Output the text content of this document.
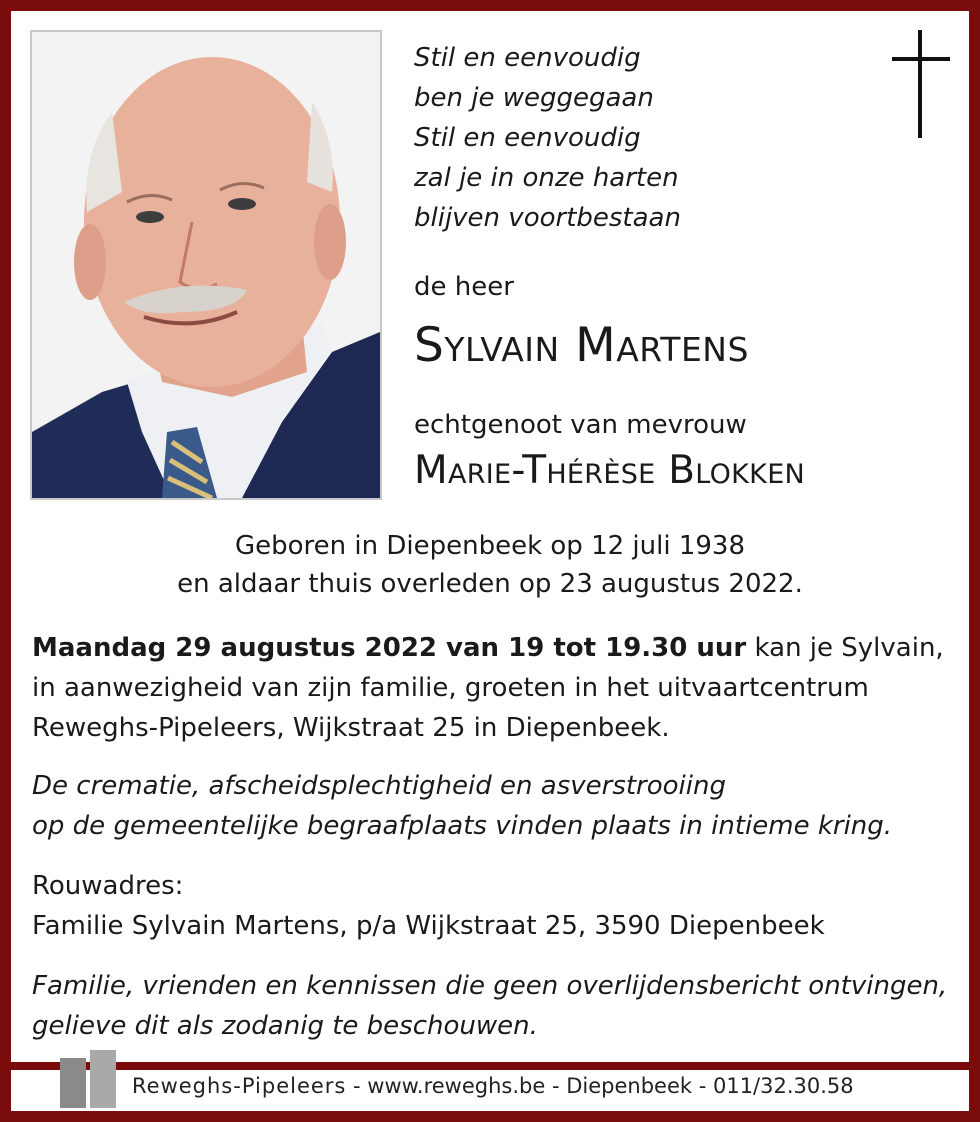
Stil en eenvoudig
ben je weggegaan
Stil en eenvoudig
zal je in onze harten
blijven voortbestaan
de heer
Sylvain Martens
echtgenoot van mevrouw
Marie-Thérèse Blokken
Geboren in Diepenbeek op 12 juli 1938
en aldaar thuis overleden op 23 augustus 2022.
Maandag 29 augustus 2022 van 19 tot 19.30 uur kan je Sylvain,
in aanwezigheid van zijn familie, groeten in het uitvaartcentrum
Reweghs-Pipeleers, Wijkstraat 25 in Diepenbeek.
De crematie, afscheidsplechtigheid en asverstrooiing
op de gemeentelijke begraafplaats vinden plaats in intieme kring.
Rouwadres:
Familie Sylvain Martens, p/a Wijkstraat 25, 3590 Diepenbeek
Familie, vrienden en kennissen die geen overlijdensbericht ontvingen,
gelieve dit als zodanig te beschouwen.
Reweghs-Pipeleers - www.reweghs.be - Diepenbeek - 011/32.30.58
